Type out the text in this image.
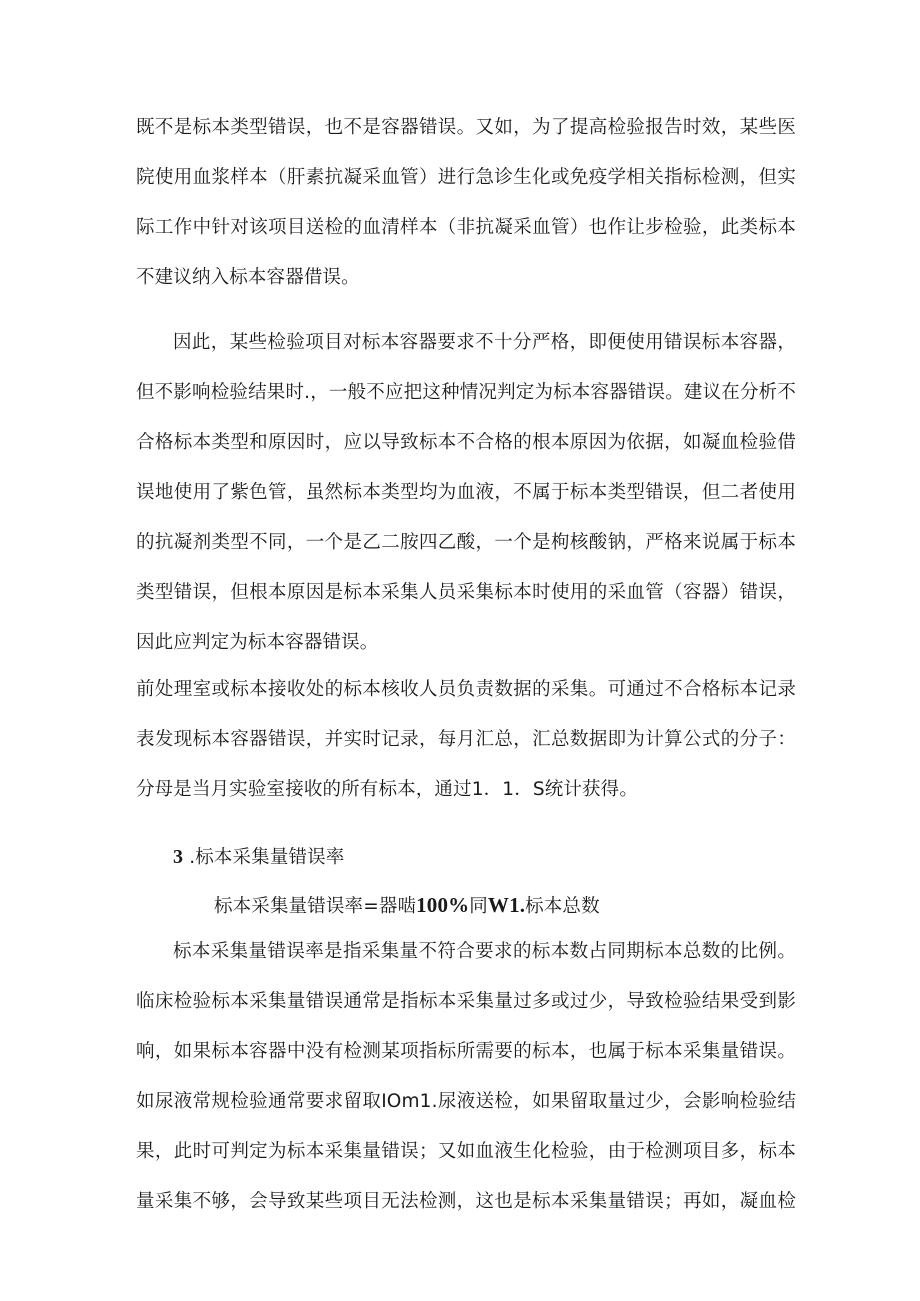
既不是标本类型错误，也不是容器错误。又如，为了提高检验报告时效，某些医
院使用血浆样本（肝素抗凝采血管）进行急诊生化或免疫学相关指标检测，但实
际工作中针对该项目送检的血清样本（非抗凝采血管）也作让步检验，此类标本
不建议纳入标本容器借误。
因此，某些检验项目对标本容器要求不十分严格，即便使用错误标本容器，
但不影响检验结果时.，一般不应把这种情况判定为标本容器错误。建议在分析不
合格标本类型和原因时，应以导致标本不合格的根本原因为依据，如凝血检验借
误地使用了紫色管，虽然标本类型均为血液，不属于标本类型错误，但二者使用
的抗凝剂类型不同，一个是乙二胺四乙酸，一个是枸核酸钠，严格来说属于标本
类型错误，但根本原因是标本采集人员采集标本时使用的采血管（容器）错误，
因此应判定为标本容器错误。
前处理室或标本接收处的标本核收人员负责数据的采集。可通过不合格标本记录
表发现标本容器错误，并实时记录，每月汇总，汇总数据即为计算公式的分子：
分母是当月实验室接收的所有标本，通过1．1．S统计获得。
3 .标本采集量错误率
标本采集量错误率=器啮100%同W1.标本总数
标本采集量错误率是指采集量不符合要求的标本数占同期标本总数的比例。
临床检验标本采集量错误通常是指标本采集量过多或过少，导致检验结果受到影
响，如果标本容器中没有检测某项指标所需要的标本，也属于标本采集量错误。
如尿液常规检验通常要求留取IOm1.尿液送检，如果留取量过少，会影响检验结
果，此时可判定为标本采集量错误；又如血液生化检验，由于检测项目多，标本
量采集不够，会导致某些项目无法检测，这也是标本采集量错误；再如，凝血检
